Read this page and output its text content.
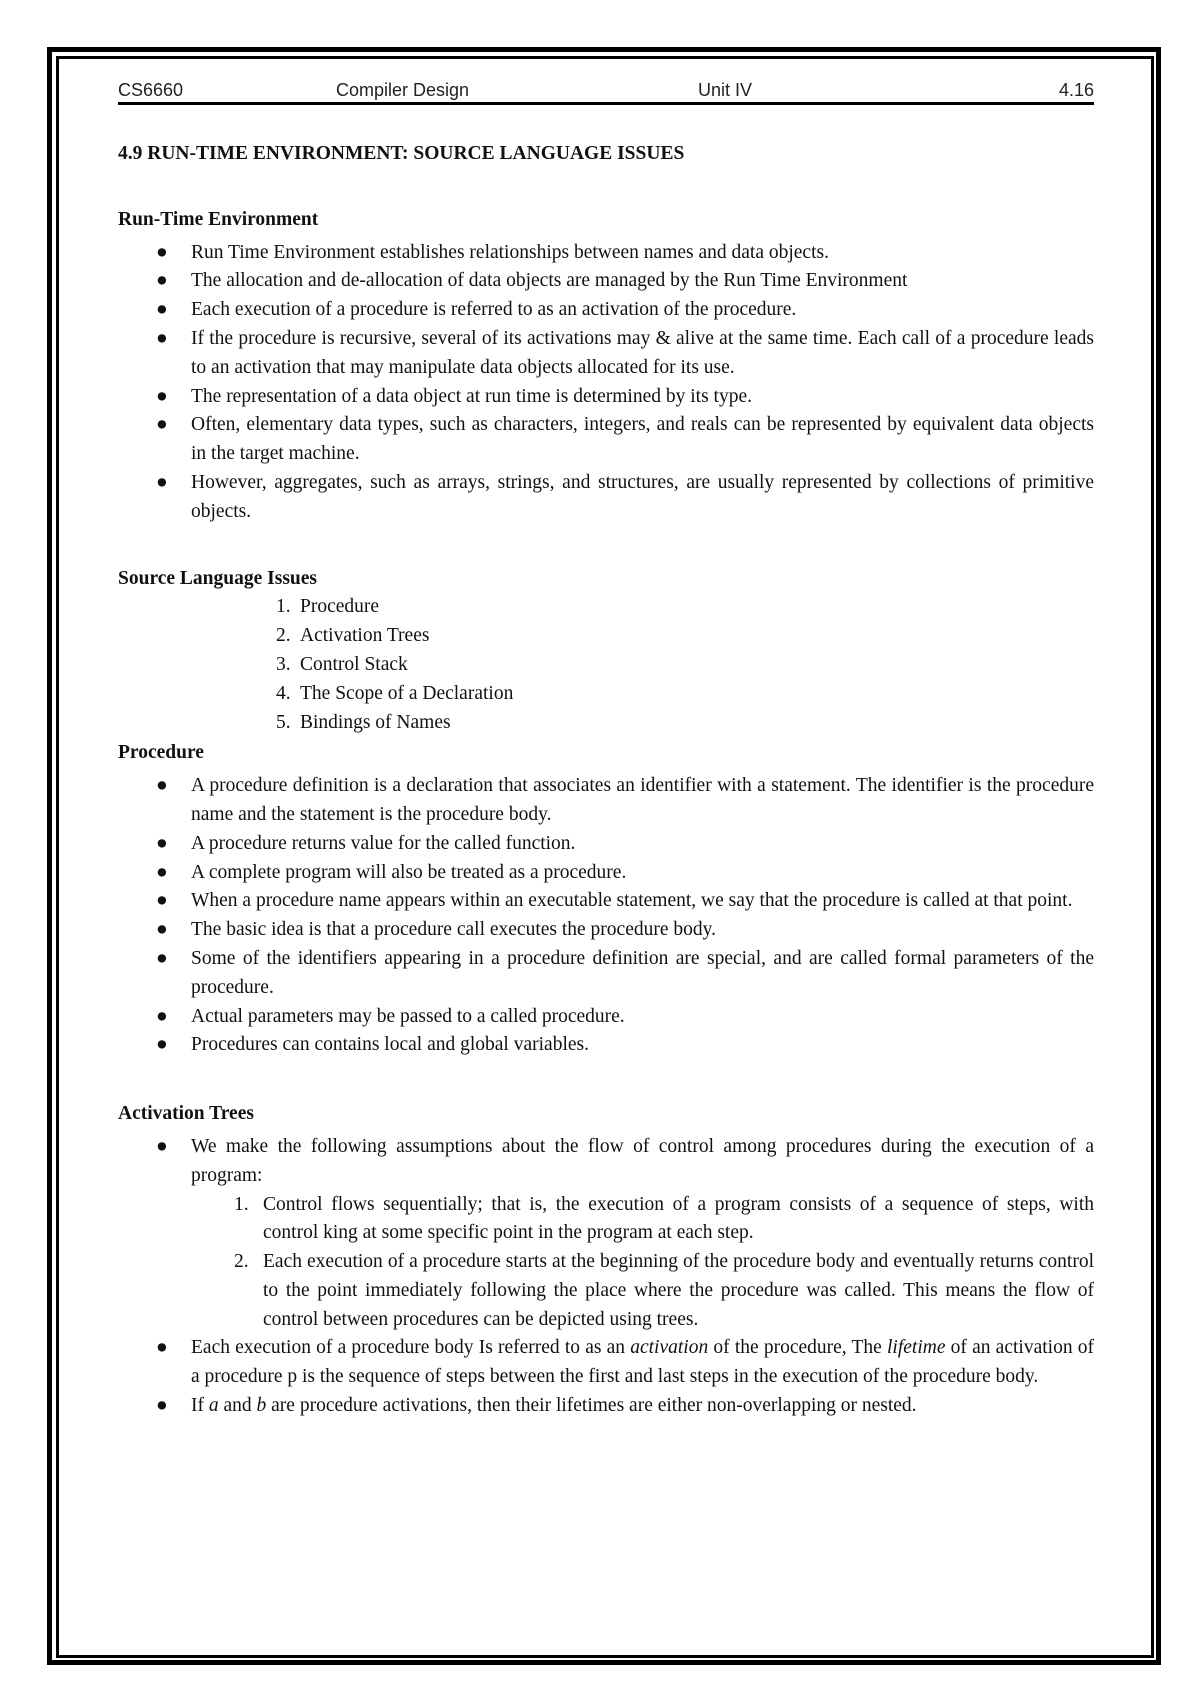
CS6660	Compiler Design	Unit IV	4.16
4.9 RUN-TIME ENVIRONMENT: SOURCE LANGUAGE ISSUES
Run-Time Environment
● Run Time Environment establishes relationships between names and data objects.
● The allocation and de-allocation of data objects are managed by the Run Time Environment
● Each execution of a procedure is referred to as an activation of the procedure.
● If the procedure is recursive, several of its activations may & alive at the same time. Each call of a procedure leads to an activation that may manipulate data objects allocated for its use.
● The representation of a data object at run time is determined by its type.
● Often, elementary data types, such as characters, integers, and reals can be represented by equivalent data objects in the target machine.
● However, aggregates, such as arrays, strings, and structures, are usually represented by collections of primitive objects.
Source Language Issues
1. Procedure
2. Activation Trees
3. Control Stack
4. The Scope of a Declaration
5. Bindings of Names
Procedure
● A procedure definition is a declaration that associates an identifier with a statement. The identifier is the procedure name and the statement is the procedure body.
● A procedure returns value for the called function.
● A complete program will also be treated as a procedure.
● When a procedure name appears within an executable statement, we say that the procedure is called at that point.
● The basic idea is that a procedure call executes the procedure body.
● Some of the identifiers appearing in a procedure definition are special, and are called formal parameters of the procedure.
● Actual parameters may be passed to a called procedure.
● Procedures can contains local and global variables.
Activation Trees
● We make the following assumptions about the flow of control among procedures during the execution of a program:
1. Control flows sequentially; that is, the execution of a program consists of a sequence of steps, with control king at some specific point in the program at each step.
2. Each execution of a procedure starts at the beginning of the procedure body and eventually returns control to the point immediately following the place where the procedure was called. This means the flow of control between procedures can be depicted using trees.
● Each execution of a procedure body Is referred to as an activation of the procedure, The lifetime of an activation of a procedure p is the sequence of steps between the first and last steps in the execution of the procedure body.
● If a and b are procedure activations, then their lifetimes are either non-overlapping or nested.
